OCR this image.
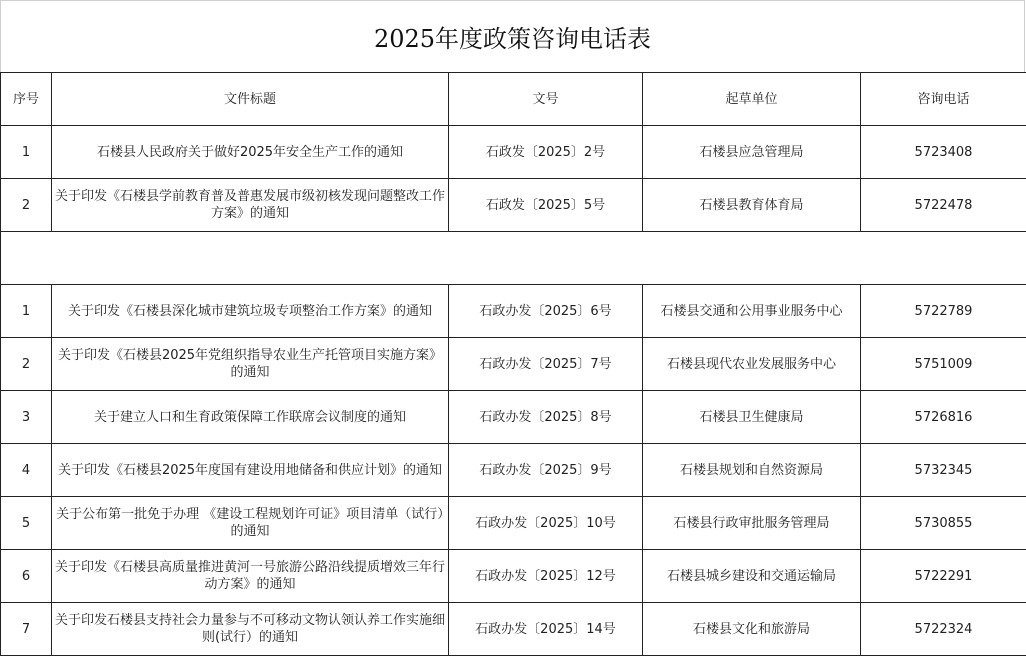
2025年度政策咨询电话表
序号	文件标题	文号	起草单位	咨询电话
1	石楼县人民政府关于做好2025年安全生产工作的通知	石政发〔2025〕2号	石楼县应急管理局	5723408
2	关于印发《石楼县学前教育普及普惠发展市级初核发现问题整改工作方案》的通知	石政发〔2025〕5号	石楼县教育体育局	5722478

1	关于印发《石楼县深化城市建筑垃圾专项整治工作方案》的通知	石政办发〔2025〕6号	石楼县交通和公用事业服务中心	5722789
2	关于印发《石楼县2025年党组织指导农业生产托管项目实施方案》的通知	石政办发〔2025〕7号	石楼县现代农业发展服务中心	5751009
3	关于建立人口和生育政策保障工作联席会议制度的通知	石政办发〔2025〕8号	石楼县卫生健康局	5726816
4	关于印发《石楼县2025年度国有建设用地储备和供应计划》的通知	石政办发〔2025〕9号	石楼县规划和自然资源局	5732345
5	关于公布第一批免于办理 《建设工程规划许可证》项目清单（试行）的通知	石政办发〔2025〕10号	石楼县行政审批服务管理局	5730855
6	关于印发《石楼县高质量推进黄河一号旅游公路沿线提质增效三年行动方案》的通知	石政办发〔2025〕12号	石楼县城乡建设和交通运输局	5722291
7	关于印发石楼县支持社会力量参与不可移动文物认领认养工作实施细则(试行）的通知	石政办发〔2025〕14号	石楼县文化和旅游局	5722324
